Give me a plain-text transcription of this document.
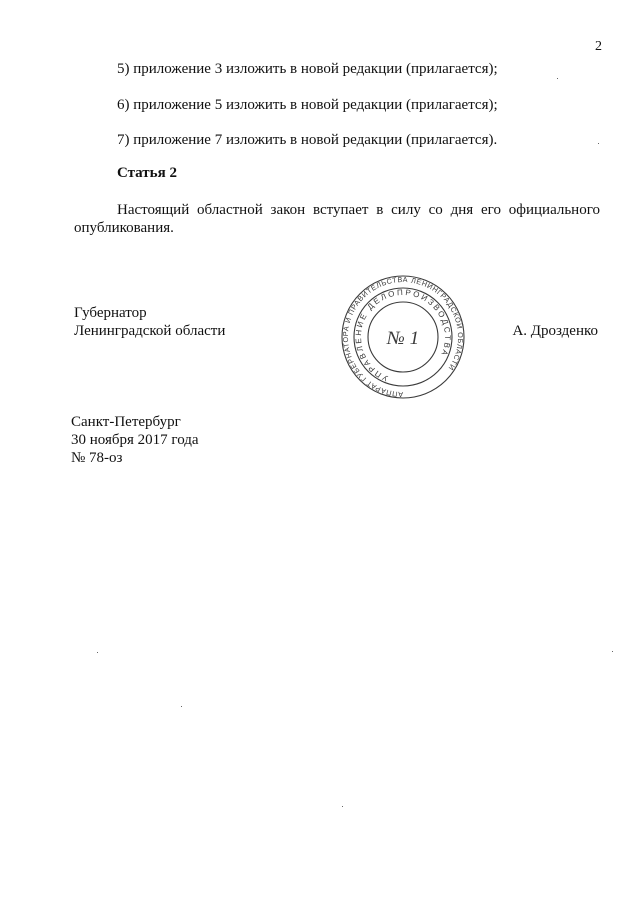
2
5) приложение 3 изложить в новой редакции (прилагается);
6) приложение 5 изложить в новой редакции (прилагается);
7) приложение 7 изложить в новой редакции (прилагается).
Статья 2
Настоящий областной закон вступает в силу со дня его официального опубликования.
Губернатор
Ленинградской области	А. Дрозденко
АППАРАТ ГУБЕРНАТОРА И ПРАВИТЕЛЬСТВА ЛЕНИНГРАДСКОЙ ОБЛАСТИ
УПРАВЛЕНИЕ ДЕЛОПРОИЗВОДСТВА
№ 1
Санкт-Петербург
30 ноября 2017 года
№ 78-оз
